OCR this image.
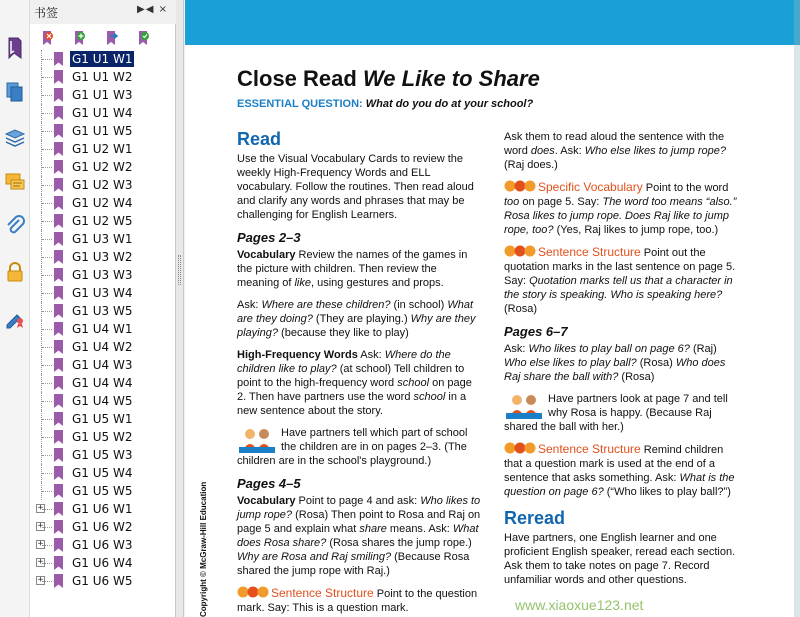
书签	▶◀ ×
G1 U1 W1
G1 U1 W2
G1 U1 W3
G1 U1 W4
G1 U1 W5
G1 U2 W1
G1 U2 W2
G1 U2 W3
G1 U2 W4
G1 U2 W5
G1 U3 W1
G1 U3 W2
G1 U3 W3
G1 U3 W4
G1 U3 W5
G1 U4 W1
G1 U4 W2
G1 U4 W3
G1 U4 W4
G1 U4 W5
G1 U5 W1
G1 U5 W2
G1 U5 W3
G1 U5 W4
G1 U5 W5
+ G1 U6 W1
+ G1 U6 W2
+ G1 U6 W3
+ G1 U6 W4
+ G1 U6 W5
Close Read We Like to Share
ESSENTIAL QUESTION: What do you do at your school?
Read
Use the Visual Vocabulary Cards to review the weekly High-Frequency Words and ELL vocabulary. Follow the routines. Then read aloud and clarify any words and phrases that may be challenging for English Learners.
Pages 2–3
Vocabulary Review the names of the games in the picture with children. Then review the meaning of like, using gestures and props.
Ask: Where are these children? (in school) What are they doing? (They are playing.) Why are they playing? (because they like to play)
High-Frequency Words Ask: Where do the children like to play? (at school) Tell children to point to the high-frequency word school on page 2. Then have partners use the word school in a new sentence about the story.
Have partners tell which part of school the children are in on pages 2–3. (The children are in the school's playground.)
Pages 4–5
Vocabulary Point to page 4 and ask: Who likes to jump rope? (Rosa) Then point to Rosa and Raj on page 5 and explain what share means. Ask: What does Rosa share? (Rosa shares the jump rope.) Why are Rosa and Raj smiling? (Because Rosa shared the jump rope with Raj.)
Sentence Structure Point to the question mark. Say: This is a question mark.
Ask them to read aloud the sentence with the word does. Ask: Who else likes to jump rope? (Raj does.)
Specific Vocabulary Point to the word too on page 5. Say: The word too means “also.” Rosa likes to jump rope. Does Raj like to jump rope, too? (Yes, Raj likes to jump rope, too.)
Sentence Structure Point out the quotation marks in the last sentence on page 5. Say: Quotation marks tell us that a character in the story is speaking. Who is speaking here? (Rosa)
Pages 6–7
Ask: Who likes to play ball on page 6? (Raj) Who else likes to play ball? (Rosa) Who does Raj share the ball with? (Rosa)
Have partners look at page 7 and tell why Rosa is happy. (Because Raj shared the ball with her.)
Sentence Structure Remind children that a question mark is used at the end of a sentence that asks something. Ask: What is the question on page 6? (“Who likes to play ball?”)
Reread
Have partners, one English learner and one proficient English speaker, reread each section. Ask them to take notes on page 7. Record unfamiliar words and other questions.
Copyright © McGraw-Hill Education	www.xiaoxue123.net
